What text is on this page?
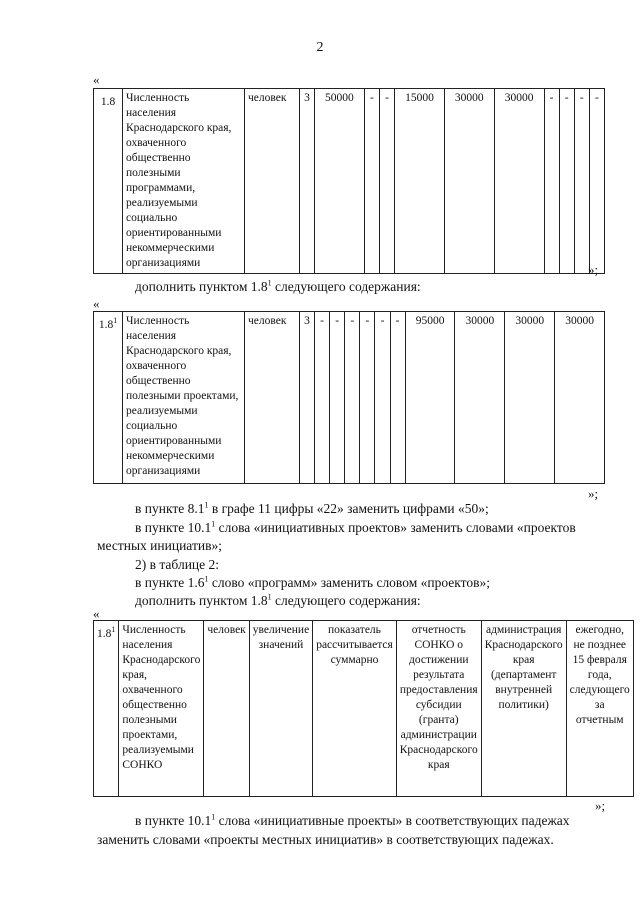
2
«
1.8	Численность населения Краснодарского края, охваченного общественно полезными программами, реализуемыми социально ориентированными некоммерческими организациями	человек	3	50000	-	-	15000	30000	30000	-	-	-	-
»;

дополнить пунктом $1.8^1$ следующего содержания:

«
$1.8^1$	Численность населения Краснодарского края, охваченного общественно полезными проектами, реализуемыми социально ориентированными некоммерческими организациями	человек	3	-	-	-	-	-	-	95000	30000	30000	30000
»;

в пункте $8.1^1$ в графе 11 цифры «22» заменить цифрами «50»;

в пункте 10.1$^1$ слова «инициативных проектов» заменить словами «проектов

местных инициатив»;

2) в таблице 2:

в пункте $1.6^1$ слово «программ» заменить словом «проектов»;

дополнить пунктом $1.8^1$ следующего содержания:

«
$1.8^1$	Численность населения Краснодарского края, охваченного общественно полезными проектами, реализуемыми СОНКО	человек	увеличение значений	показатель рассчитывается суммарно	отчетность СОНКО о достижении результата предоставления субсидии (гранта) администрации Краснодарского края	администрация Краснодарского края (департамент внутренней политики)	ежегодно, не позднее 15 февраля года, следующего за отчетным
»;

в пункте 10.1$^1$ слова «инициативные проекты» в соответствующих падежах

заменить словами «проекты местных инициатив» в соответствующих падежах.
